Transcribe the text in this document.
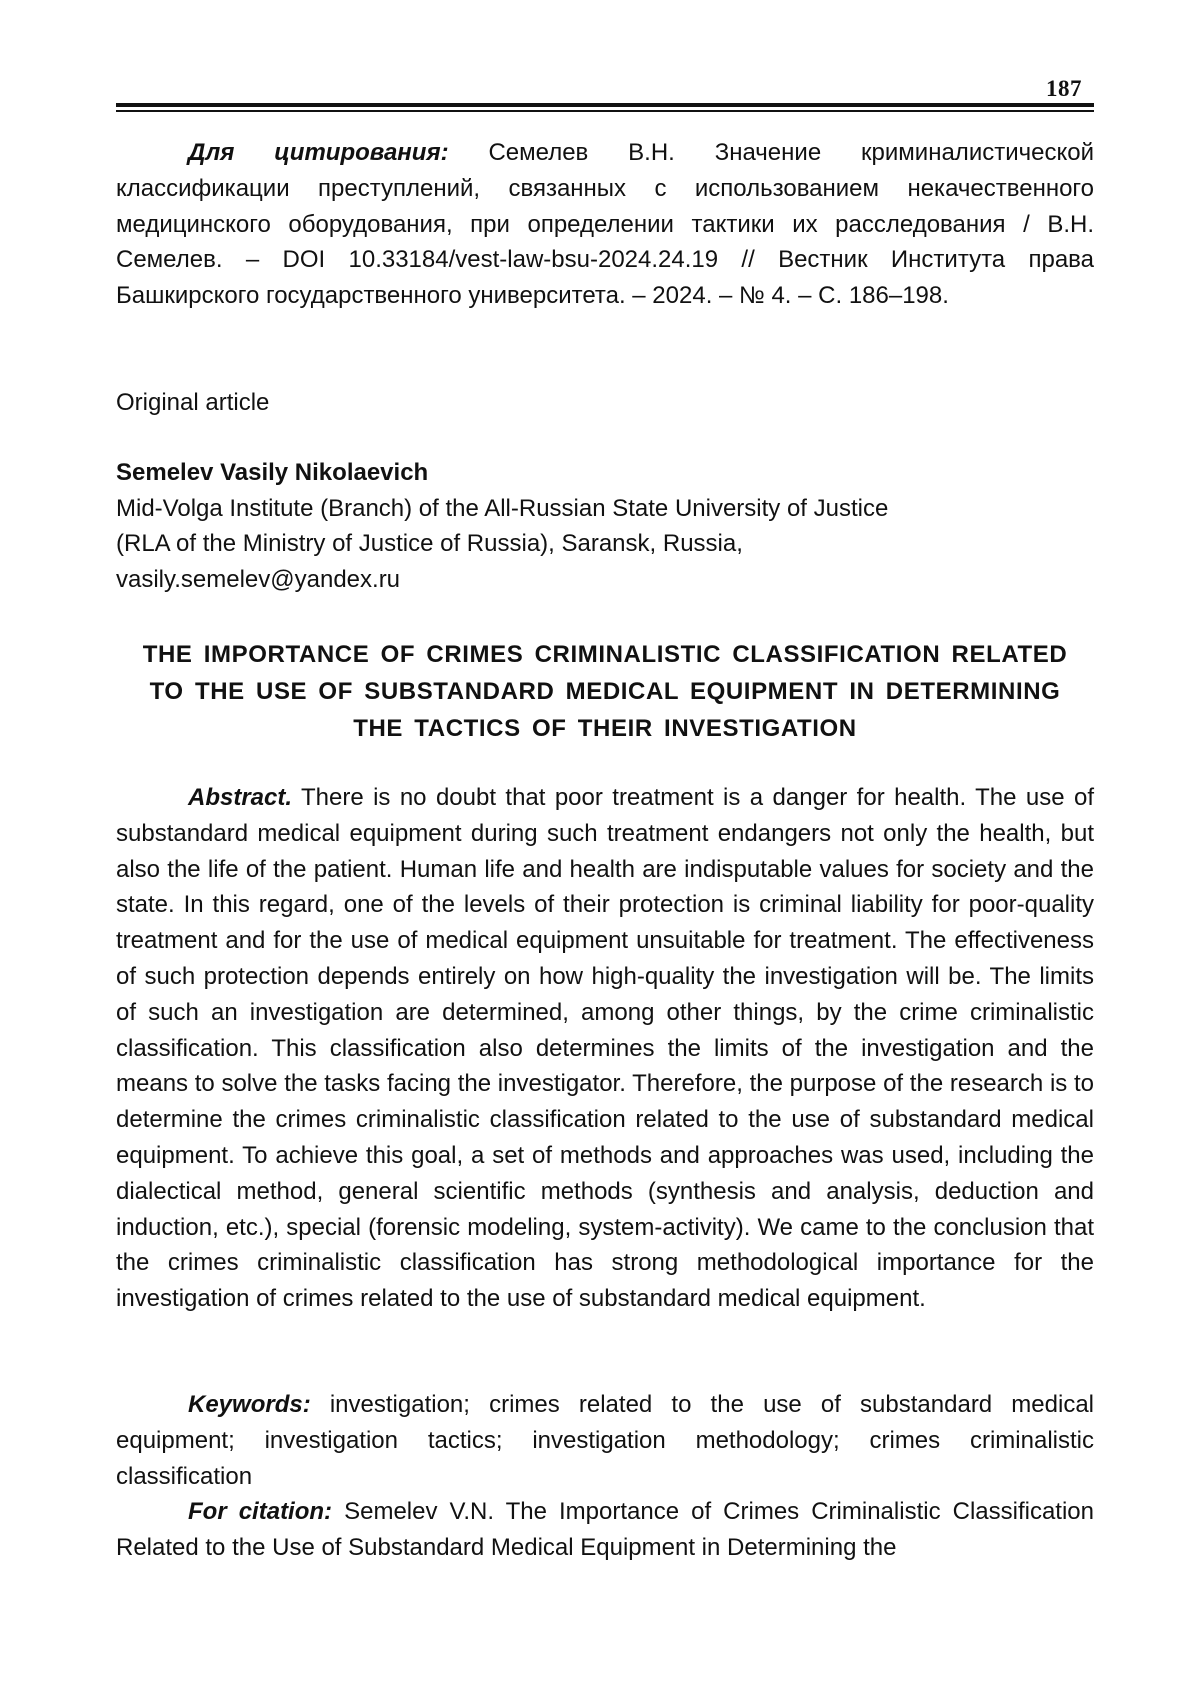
187

Для цитирования: Семелев В.Н. Значение криминалистической классификации преступлений, связанных с использованием некачественного медицинского оборудования, при определении тактики их расследования / В.Н. Семелев. – DOI 10.33184/vest-law-bsu-2024.24.19 // Вестник Института права Башкирского государственного университета. – 2024. – № 4. – С. 186–198.

Original article

Semelev Vasily Nikolaevich
Mid-Volga Institute (Branch) of the All-Russian State University of Justice
(RLA of the Ministry of Justice of Russia), Saransk, Russia,
vasily.semelev@yandex.ru
THE IMPORTANCE OF CRIMES CRIMINALISTIC CLASSIFICATION RELATED
TO THE USE OF SUBSTANDARD MEDICAL EQUIPMENT IN DETERMINING
THE TACTICS OF THEIR INVESTIGATION

Abstract. There is no doubt that poor treatment is a danger for health. The use of substandard medical equipment during such treatment endangers not only the health, but also the life of the patient. Human life and health are indisputable values for society and the state. In this regard, one of the levels of their protection is criminal liability for poor-quality treatment and for the use of medical equipment unsuitable for treatment. The effectiveness of such protection depends entirely on how high-quality the investigation will be. The limits of such an investigation are determined, among other things, by the crime criminalistic classification. This classification also determines the limits of the investigation and the means to solve the tasks facing the investigator. Therefore, the purpose of the research is to determine the crimes criminalistic classification related to the use of substandard medical equipment. To achieve this goal, a set of methods and approaches was used, including the dialectical method, general scientific methods (synthesis and analysis, deduction and induction, etc.), special (forensic modeling, system-activity). We came to the conclusion that the crimes criminalistic classification has strong methodological importance for the investigation of crimes related to the use of substandard medical equipment.

Keywords: investigation; crimes related to the use of substandard medical equipment; investigation tactics; investigation methodology; crimes criminalistic classification

For citation: Semelev V.N. The Importance of Crimes Criminalistic Classification Related to the Use of Substandard Medical Equipment in Determining the
